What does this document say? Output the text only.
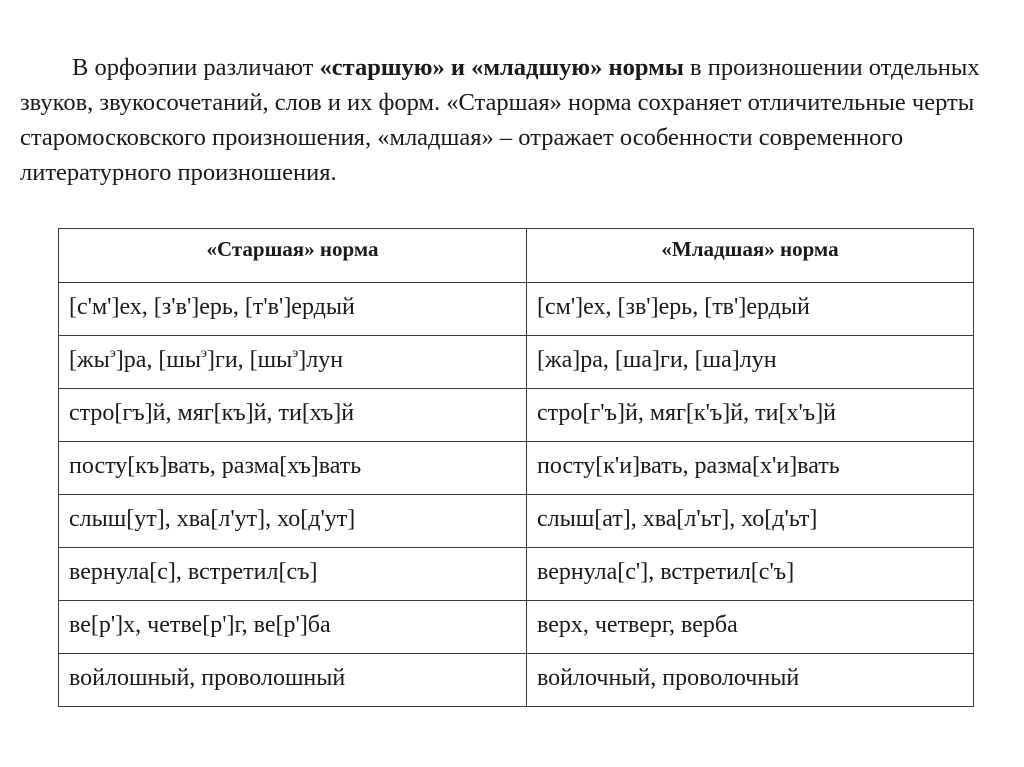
В орфоэпии различают «старшую» и «младшую» нормы в произношении отдельных звуков, звукосочетаний, слов и их форм. «Старшая» норма сохраняет отличительные черты старомосковского произношения, «младшая» – отражает особенности современного литературного произношения.

«Старшая» норма	«Младшая» норма
[с'м']ех, [з'в']ерь, [т'в']ердый	[см']ех, [зв']ерь, [тв']ердый
$[жы^э]ра$, $[шы^э]ги$, $[шы^э]лун$	[жа]ра, [ша]ги, [ша]лун
стро[гъ]й, мяг[къ]й, ти[хъ]й	стро[г'ъ]й, мяг[к'ъ]й, ти[х'ъ]й
посту[къ]вать, разма[хъ]вать	посту[к'и]вать, разма[х'и]вать
слыш[ут], хва[л'ут], хо[д'ут]	слыш[ат], хва[л'ьт], хо[д'ьт]
вернула[с], встретил[съ]	вернула[с'], встретил[с'ъ]
ве[р']х, четве[р']г, ве[р']ба	верх, четверг, верба
войлошный, проволошный	войлочный, проволочный
